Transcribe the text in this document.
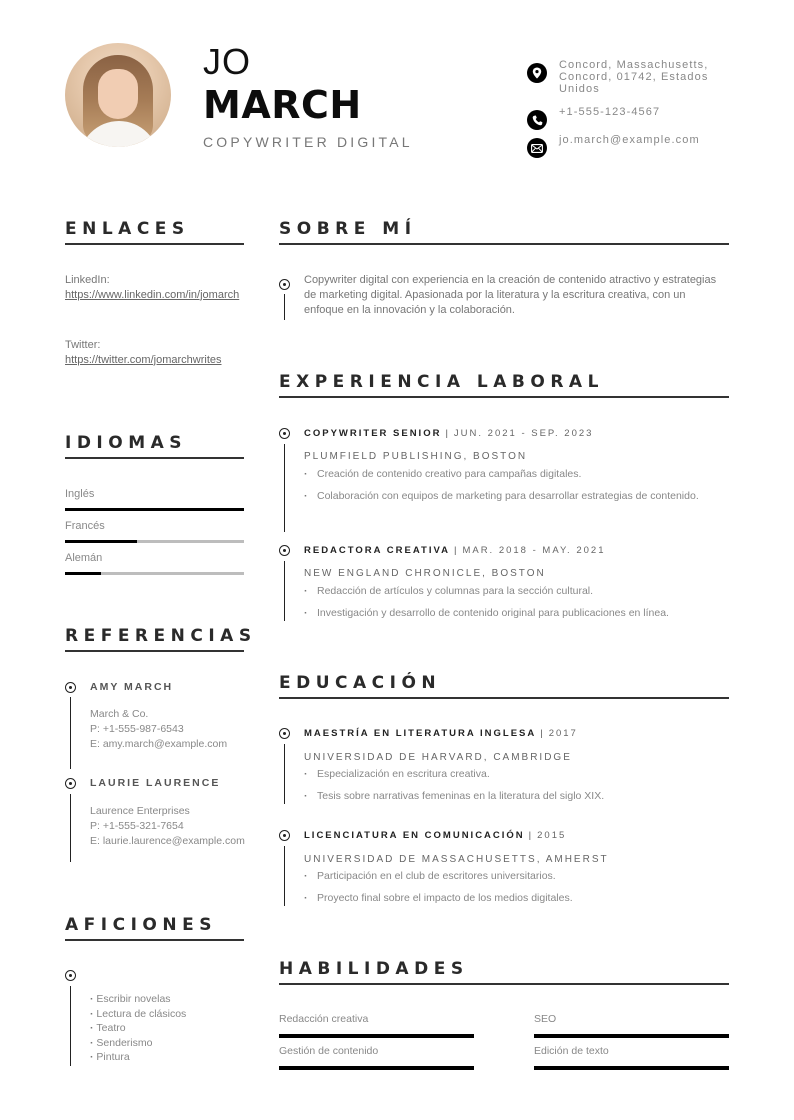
JO
MARCH
COPYWRITER DIGITAL
Concord, Massachusetts, Concord, 01742, Estados Unidos
+1-555-123-4567
jo.march@example.com
ENLACES
LinkedIn:
https://www.linkedin.com/in/jomarch
Twitter:
https://twitter.com/jomarchwrites
IDIOMAS
Inglés
Francés
Alemán
REFERENCIAS
AMY MARCH
March & Co.
P: +1-555-987-6543
E: amy.march@example.com
LAURIE LAURENCE
Laurence Enterprises
P: +1-555-321-7654
E: laurie.laurence@example.com
AFICIONES
· Escribir novelas
· Lectura de clásicos
· Teatro
· Senderismo
· Pintura
SOBRE MÍ
Copywriter digital con experiencia en la creación de contenido atractivo y estrategias de marketing digital. Apasionada por la literatura y la escritura creativa, con un enfoque en la innovación y la colaboración.
EXPERIENCIA LABORAL
COPYWRITER SENIOR | JUN. 2021 - SEP. 2023
PLUMFIELD PUBLISHING, BOSTON
· Creación de contenido creativo para campañas digitales.
· Colaboración con equipos de marketing para desarrollar estrategias de contenido.
REDACTORA CREATIVA | MAR. 2018 - MAY. 2021
NEW ENGLAND CHRONICLE, BOSTON
· Redacción de artículos y columnas para la sección cultural.
· Investigación y desarrollo de contenido original para publicaciones en línea.
EDUCACIÓN
MAESTRÍA EN LITERATURA INGLESA | 2017
UNIVERSIDAD DE HARVARD, CAMBRIDGE
· Especialización en escritura creativa.
· Tesis sobre narrativas femeninas en la literatura del siglo XIX.
LICENCIATURA EN COMUNICACIÓN | 2015
UNIVERSIDAD DE MASSACHUSETTS, AMHERST
· Participación en el club de escritores universitarios.
· Proyecto final sobre el impacto de los medios digitales.
HABILIDADES
Redacción creativa	SEO
Gestión de contenido	Edición de texto
